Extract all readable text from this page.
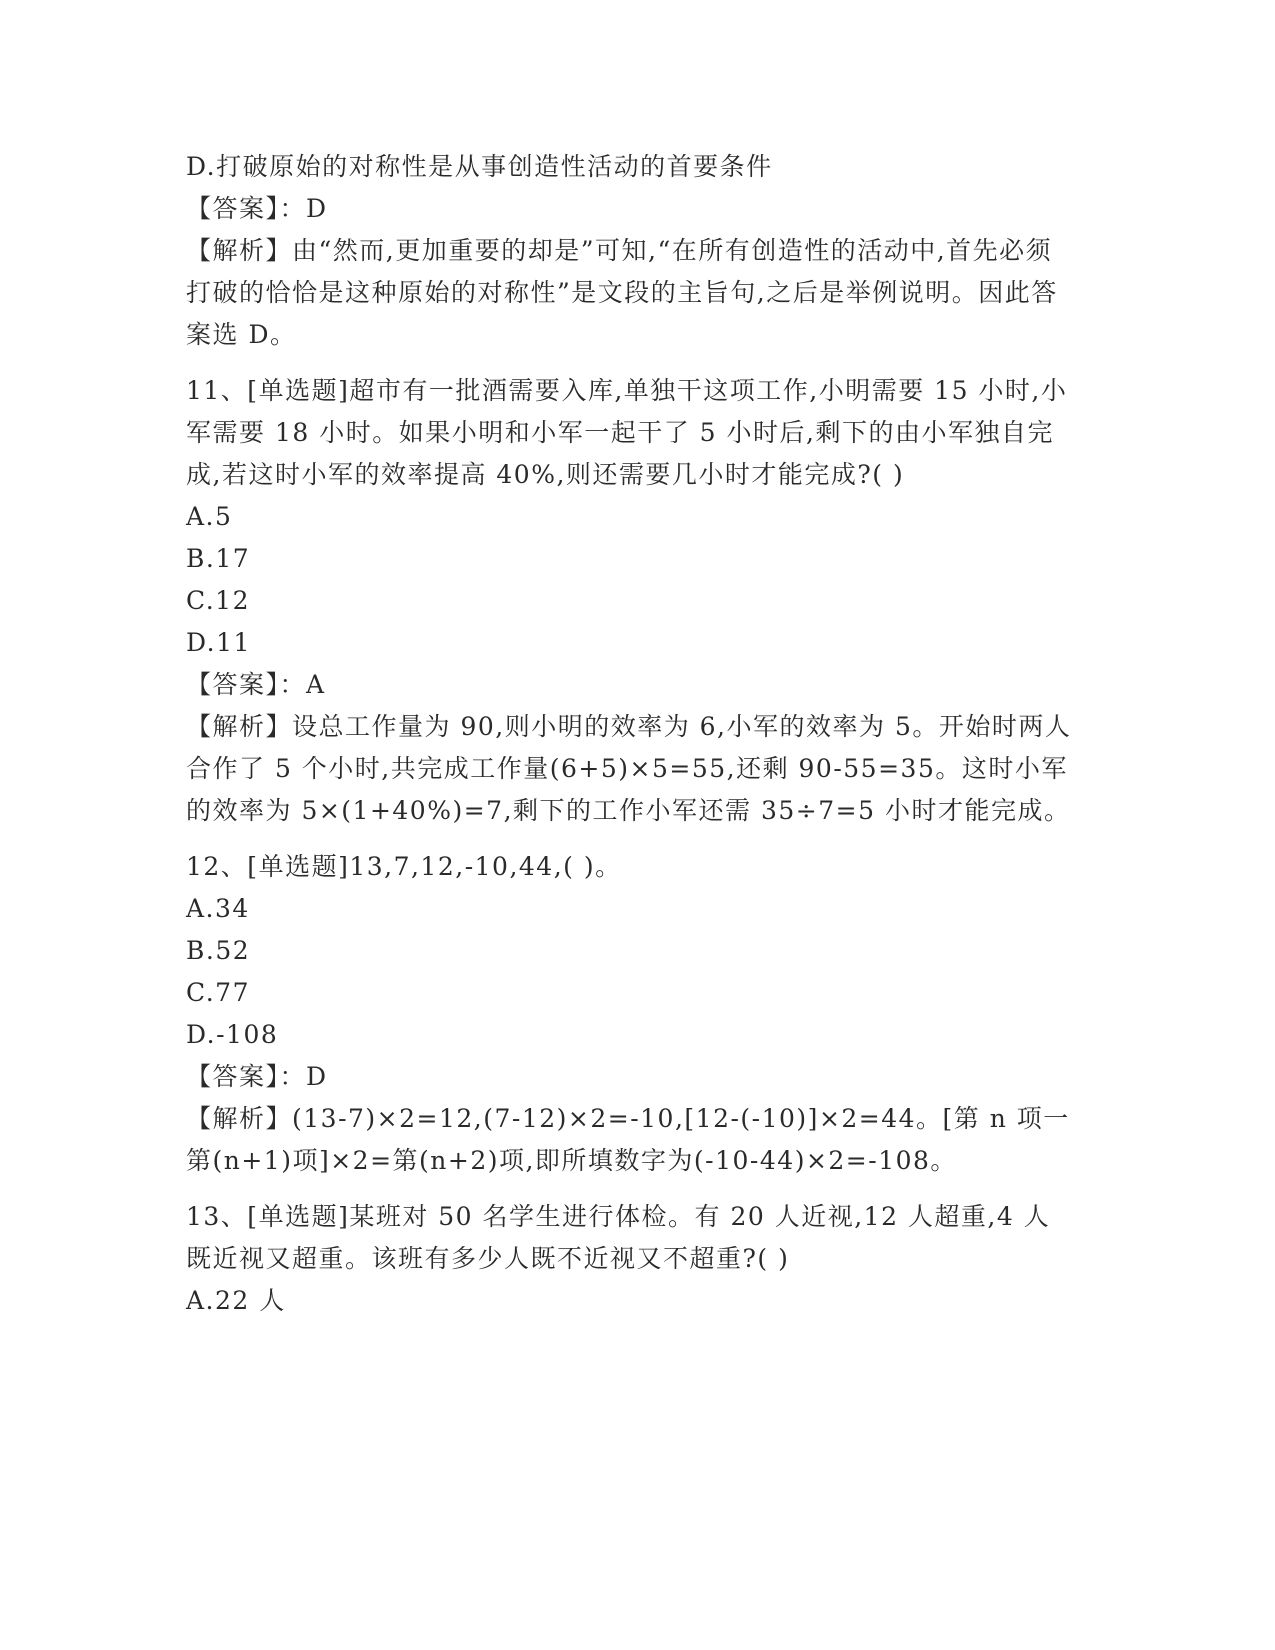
D.打破原始的对称性是从事创造性活动的首要条件

【答案】：D

【解析】由“然而,更加重要的却是”可知,“在所有创造性的活动中,首先必须打破的恰恰是这种原始的对称性”是文段的主旨句,之后是举例说明。因此答案选 D。

11、[单选题]超市有一批酒需要入库,单独干这项工作,小明需要 15 小时,小军需要 18 小时。如果小明和小军一起干了 5 小时后,剩下的由小军独自完成,若这时小军的效率提高 40%,则还需要几小时才能完成?( )

A.5

B.17

C.12

D.11

【答案】：A

【解析】设总工作量为 90,则小明的效率为 6,小军的效率为 5。开始时两人合作了 5 个小时,共完成工作量(6+5)×5=55,还剩 90-55=35。这时小军的效率为 5×(1+40%)=7,剩下的工作小军还需 35÷7=5 小时才能完成。

12、[单选题]13,7,12,-10,44,( )。

A.34

B.52

C.77

D.-108

【答案】：D

【解析】(13-7)×2=12,(7-12)×2=-10,[12-(-10)]×2=44。[第 n 项一第(n+1)项]×2=第(n+2)项,即所填数字为(-10-44)×2=-108。

13、[单选题]某班对 50 名学生进行体检。有 20 人近视,12 人超重,4 人既近视又超重。该班有多少人既不近视又不超重?( )

A.22 人
